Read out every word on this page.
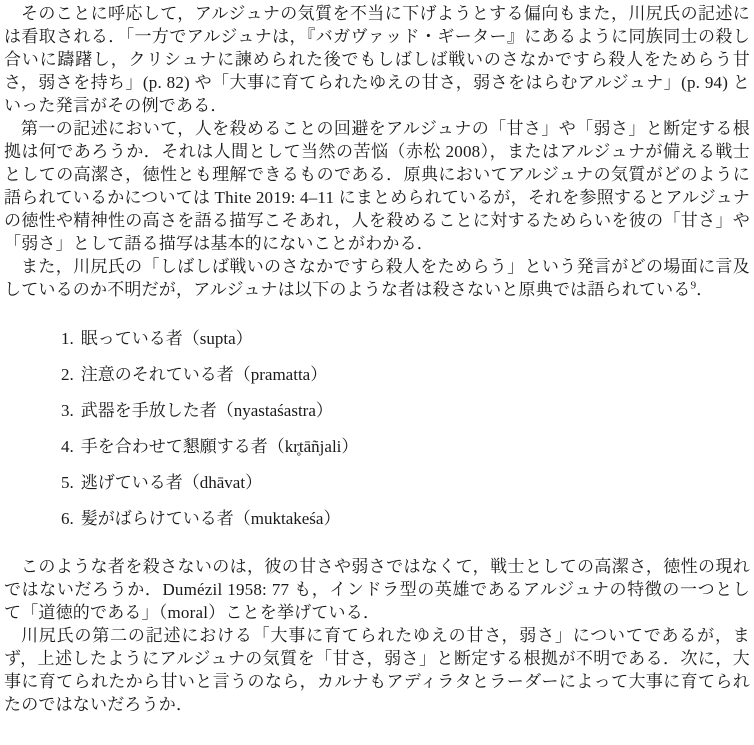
そのことに呼応して，アルジュナの気質を不当に下げようとする偏向もまた，川尻氏の記述には看取される．「一方でアルジュナは，『バガヴァッド・ギーター』にあるように同族同士の殺し合いに躊躇し，クリシュナに諫められた後でもしばしば戦いのさなかですら殺人をためらう甘さ，弱さを持ち」(p. 82) や「大事に育てられたゆえの甘さ，弱さをはらむアルジュナ」(p. 94) といった発言がその例である．

第一の記述において，人を殺めることの回避をアルジュナの「甘さ」や「弱さ」と断定する根拠は何であろうか．それは人間として当然の苦悩（赤松 2008），またはアルジュナが備える戦士としての高潔さ，徳性とも理解できるものである．原典においてアルジュナの気質がどのように語られているかについては Thite 2019: 4–11 にまとめられているが，それを参照するとアルジュナの徳性や精神性の高さを語る描写こそあれ，人を殺めることに対するためらいを彼の「甘さ」や「弱さ」として語る描写は基本的にないことがわかる．

また，川尻氏の「しばしば戦いのさなかですら殺人をためらう」という発言がどの場面に言及しているのか不明だが，アルジュナは以下のような者は殺さないと原典では語られている$^9$．

1. 眠っている者（supta）
2. 注意のそれている者（pramatta）
3. 武器を手放した者（nyastaśastra）
4. 手を合わせて懇願する者（kr̥tāñjali）
5. 逃げている者（dhāvat）
6. 髪がばらけている者（muktakeśa）

このような者を殺さないのは，彼の甘さや弱さではなくて，戦士としての高潔さ，徳性の現れではないだろうか．Dumézil 1958: 77 も，インドラ型の英雄であるアルジュナの特徴の一つとして「道徳的である」（moral）ことを挙げている．

川尻氏の第二の記述における「大事に育てられたゆえの甘さ，弱さ」についてであるが，まず，上述したようにアルジュナの気質を「甘さ，弱さ」と断定する根拠が不明である．次に，大事に育てられたから甘いと言うのなら，カルナもアディラタとラーダーによって大事に育てられたのではないだろうか．
